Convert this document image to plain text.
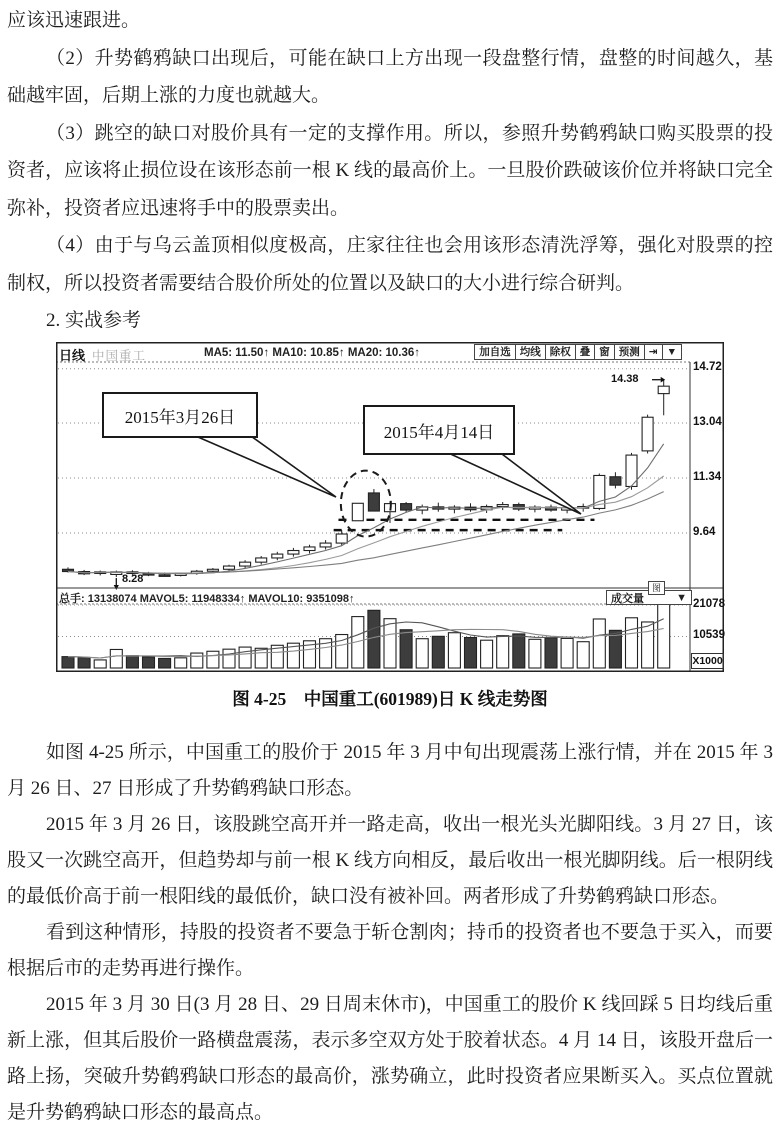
应该迅速跟进。

（2）升势鹤鸦缺口出现后，可能在缺口上方出现一段盘整行情，盘整的时间越久，基础越牢固，后期上涨的力度也就越大。

（3）跳空的缺口对股价具有一定的支撑作用。所以，参照升势鹤鸦缺口购买股票的投资者，应该将止损位设在该形态前一根 K 线的最高价上。一旦股价跌破该价位并将缺口完全弥补，投资者应迅速将手中的股票卖出。

（4）由于与乌云盖顶相似度极高，庄家往往也会用该形态清洗浮筹，强化对股票的控制权，所以投资者需要结合股价所处的位置以及缺口的大小进行综合研判。

2. 实战参考

日线 中国重工	MA5: 11.50↑ MA10: 10.85↑ MA20: 10.36↑	加自选 均线 除权 叠 窗 预测 ⇥ ▼
14.72
13.04
11.34
9.64
21078
10539
X1000
总手: 13138074 MAVOL5: 11948334↑ MAVOL10: 9351098↑	成交量	▼
图
2015年3月26日
2015年4月14日
8.28
14.38
图 4-25　中国重工(601989)日 K 线走势图

如图 4-25 所示，中国重工的股价于 2015 年 3 月中旬出现震荡上涨行情，并在 2015 年 3 月 26 日、27 日形成了升势鹤鸦缺口形态。

2015 年 3 月 26 日，该股跳空高开并一路走高，收出一根光头光脚阳线。3 月 27 日，该股又一次跳空高开，但趋势却与前一根 K 线方向相反，最后收出一根光脚阴线。后一根阴线的最低价高于前一根阳线的最低价，缺口没有被补回。两者形成了升势鹤鸦缺口形态。

看到这种情形，持股的投资者不要急于斩仓割肉；持币的投资者也不要急于买入，而要根据后市的走势再进行操作。

2015 年 3 月 30 日(3 月 28 日、29 日周末休市)，中国重工的股价 K 线回踩 5 日均线后重新上涨，但其后股价一路横盘震荡，表示多空双方处于胶着状态。4 月 14 日，该股开盘后一路上扬，突破升势鹤鸦缺口形态的最高价，涨势确立，此时投资者应果断买入。买点位置就是升势鹤鸦缺口形态的最高点。
